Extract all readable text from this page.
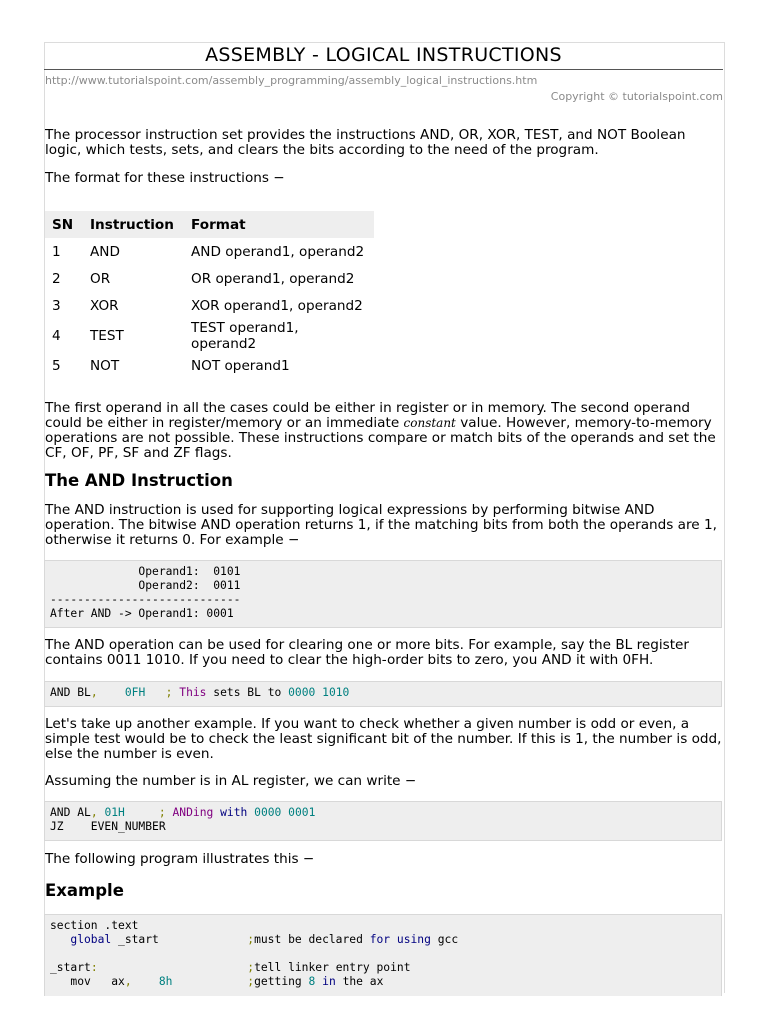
ASSEMBLY - LOGICAL INSTRUCTIONS
http://www.tutorialspoint.com/assembly_programming/assembly_logical_instructions.htm
Copyright © tutorialspoint.com
The processor instruction set provides the instructions AND, OR, XOR, TEST, and NOT Boolean logic, which tests, sets, and clears the bits according to the need of the program.
The format for these instructions −
SN	Instruction	Format
1	AND	AND operand1, operand2
2	OR	OR operand1, operand2
3	XOR	XOR operand1, operand2
4	TEST	TEST operand1, operand2
5	NOT	NOT operand1
The first operand in all the cases could be either in register or in memory. The second operand could be either in register/memory or an immediate constant value. However, memory-to-memory operations are not possible. These instructions compare or match bits of the operands and set the CF, OF, PF, SF and ZF flags.
The AND Instruction
The AND instruction is used for supporting logical expressions by performing bitwise AND operation. The bitwise AND operation returns 1, if the matching bits from both the operands are 1, otherwise it returns 0. For example −
Operand1:  0101
Operand2:  0011
----------------------------
After AND -> Operand1: 0001
The AND operation can be used for clearing one or more bits. For example, say the BL register contains 0011 1010. If you need to clear the high-order bits to zero, you AND it with 0FH.
AND BL, 0FH ; This sets BL to 0000 1010
Let's take up another example. If you want to check whether a given number is odd or even, a simple test would be to check the least significant bit of the number. If this is 1, the number is odd, else the number is even.
Assuming the number is in AL register, we can write −
AND AL, 01H	; ANDing with 0000 0001
JZ    EVEN_NUMBER
The following program illustrates this −
Example
section .text
global _start	;must be declared for using gcc

_start:	;tell linker entry point
mov   ax, 8h	;getting 8 in the ax
